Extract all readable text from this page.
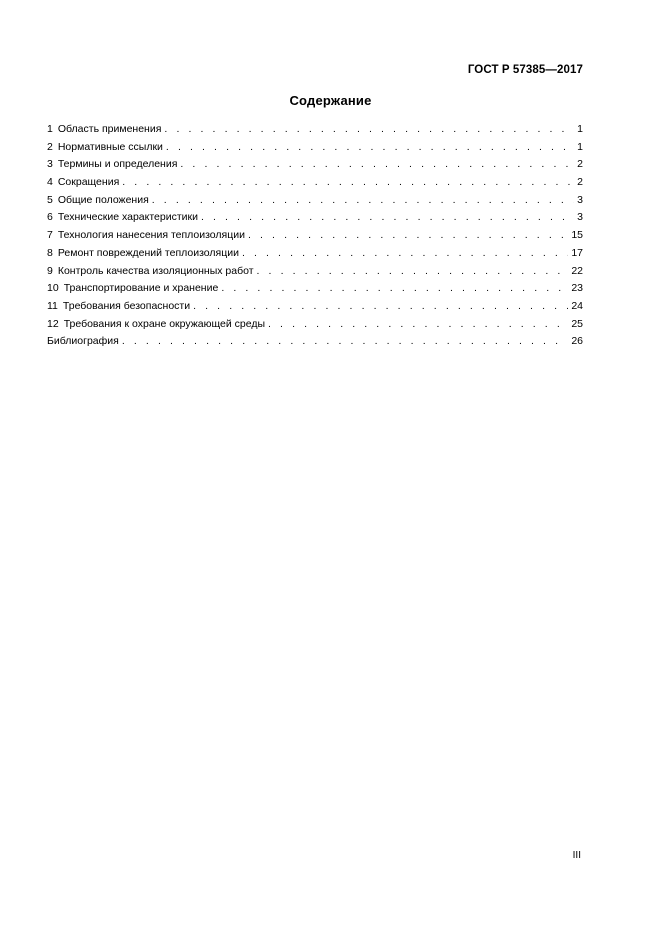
ГОСТ Р 57385—2017
Содержание
1 Область применения . . .	1
2 Нормативные ссылки . . .	1
3 Термины и определения . . .	2
4 Сокращения . . .	2
5 Общие положения . . .	3
6 Технические характеристики . . .	3
7 Технология нанесения теплоизоляции . . .	15
8 Ремонт повреждений теплоизоляции . . .	17
9 Контроль качества изоляционных работ . . .	22
10 Транспортирование и хранение . . .	23
11 Требования безопасности . . .	24
12 Требования к охране окружающей среды . . .	25
Библиография . . .	26
III
